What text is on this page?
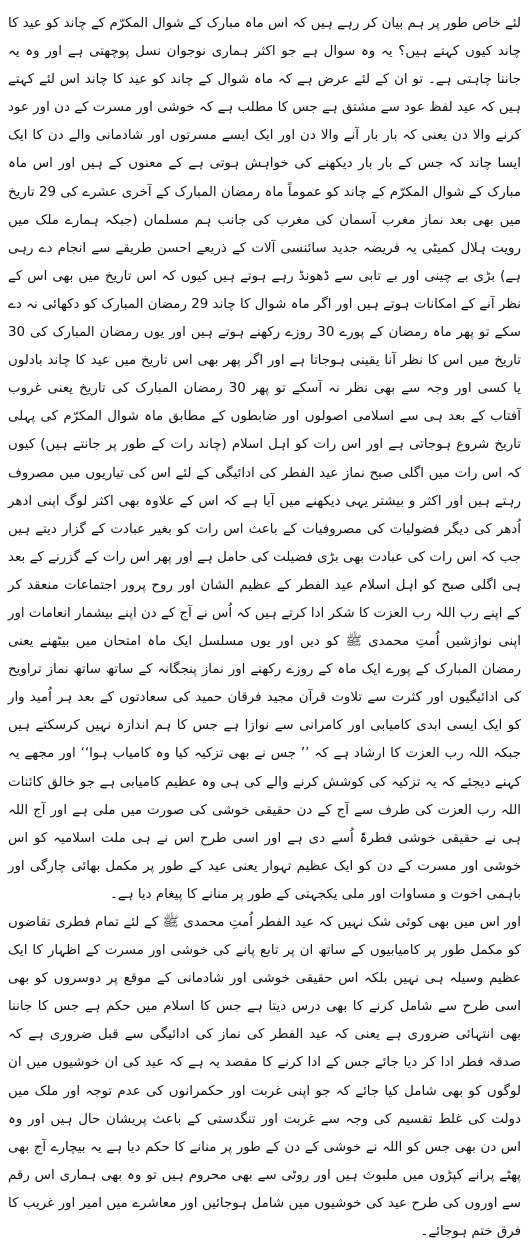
لئے خاص طور پر ہم بیان کر رہے ہیں کہ اس ماہ مبارک کے شوال المکرّم کے چاند کو عید کا چاند کیوں کہتے ہیں؟ یہ وہ سوال ہے جو اکثر ہماری نوجوان نسل پوچھتی ہے اور وہ یہ جاننا چاہتی ہے۔ تو ان کے لئے عرض ہے کہ ماہ شوال کے چاند کو عید کا چاند اس لئے کہتے ہیں کہ عید لفظ عود سے مشتق ہے جس کا مطلب ہے کہ خوشی اور مسرت کے دن اور عود کرنے والا دن یعنی کہ بار بار آنے والا دن اور ایک ایسے مسرتوں اور شادمانی والے دن کا ایک ایسا چاند کہ جس کے بار بار دیکھنے کی خواہش ہوتی ہے کے معنوں کے ہیں اور اس ماہ مبارک کے شوال المکرّم کے چاند کو عموماً ماہ رمضان المبارک کے آخری عشرے کی 29 تاریخ میں بھی بعد نماز مغرب آسمان کی مغرب کی جانب ہم مسلمان (جبکہ ہمارے ملک میں رویت ہلال کمیٹی یہ فریضہ جدید سائنسی آلات کے ذریعے احسن طریقے سے انجام دے رہی ہے) بڑی بے چینی اور بے تابی سے ڈھونڈ رہے ہوتے ہیں کیوں کہ اس تاریخ میں بھی اس کے نظر آنے کے امکانات ہوتے ہیں اور اگر ماہ شوال کا چاند 29 رمضان المبارک کو دکھائی نہ دے سکے تو پھر ماہ رمضان کے پورے 30 روزے رکھنے ہوتے ہیں اور یوں رمضان المبارک کی 30 تاریخ میں اس کا نظر آنا یقینی ہوجاتا ہے اور اگر پھر بھی اس تاریخ میں عید کا چاند بادلوں یا کسی اور وجہ سے بھی نظر نہ آسکے تو پھر 30 رمضان المبارک کی تاریخ یعنی غروب آفتاب کے بعد ہی سے اسلامی اصولوں اور ضابطوں کے مطابق ماہ شوال المکرّم کی پہلی تاریخ شروع ہوجاتی ہے اور اس رات کو اہل اسلام (چاند رات کے طور پر جانتے ہیں) کیوں کہ اس رات میں اگلی صبح نماز عید الفطر کی ادائیگی کے لئے اس کی تیاریوں میں مصروف رہتے ہیں اور اکثر و بیشتر یہی دیکھنے میں آیا ہے کہ اس کے علاوہ بھی اکثر لوگ اپنی ادھر اُدھر کی دیگر فضولیات کی مصروفیات کے باعث اس رات کو بغیر عبادت کے گزار دیتے ہیں جب کہ اس رات کی عبادت بھی بڑی فضیلت کی حامل ہے اور پھر اس رات کے گزرنے کے بعد ہی اگلی صبح کو اہل اسلام عید الفطر کے عظیم الشان اور روح پرور اجتماعات منعقد کر کے اپنے رب اللہ رب العزت کا شکر ادا کرتے ہیں کہ اُس نے آج کے دن اپنے بیشمار انعامات اور اپنی نوازشیں اُمتِ محمدی ﷺ کو دیں اور یوں مسلسل ایک ماہ امتحان میں بیٹھنے یعنی رمضان المبارک کے پورے ایک ماہ کے روزے رکھنے اور نماز پنجگانہ کے ساتھ ساتھ نماز تراویح کی ادائیگیوں اور کثرت سے تلاوت قرآن مجید فرقان حمید کی سعادتوں کے بعد ہر اُمید وار کو ایک ایسی ابدی کامیابی اور کامرانی سے نوازا ہے جس کا ہم اندازہ نہیں کرسکتے ہیں جبکہ اللہ رب العزت کا ارشاد ہے کہ ’’ جس نے بھی تزکیہ کیا وہ کامیاب ہوا‘‘ اور مجھے یہ کہنے دیجئے کہ یہ تزکیہ کی کوشش کرنے والے کی ہی وہ عظیم کامیابی ہے جو خالق کائنات اللہ رب العزت کی طرف سے آج کے دن حقیقی خوشی کی صورت میں ملی ہے اور آج اللہ ہی نے حقیقی خوشی فطرۃً اُسے دی ہے اور اسی طرح اس نے ہی ملت اسلامیہ کو اس خوشی اور مسرت کے دن کو ایک عظیم تہوار یعنی عید کے طور پر مکمل بھائی چارگی اور باہمی اخوت و مساوات اور ملی یکجہتی کے طور پر منانے کا پیغام دیا ہے۔

اور اس میں بھی کوئی شک نہیں کہ عید الفطر اُمتِ محمدی ﷺ کے لئے تمام فطری تقاضوں کو مکمل طور پر کامیابیوں کے ساتھ ان پر تابع پانے کی خوشی اور مسرت کے اظہار کا ایک عظیم وسیلہ ہی نہیں بلکہ اس حقیقی خوشی اور شادمانی کے موقع پر دوسروں کو بھی اسی طرح سے شامل کرنے کا بھی درس دیتا ہے جس کا اسلام میں حکم ہے جس کا جاننا بھی انتہائی ضروری ہے یعنی کہ عید الفطر کی نماز کی ادائیگی سے قبل ضروری ہے کہ صدقہ فطر ادا کر دیا جائے جس کے ادا کرنے کا مقصد یہ ہے کہ عید کی ان خوشیوں میں ان لوگوں کو بھی شامل کیا جائے کہ جو اپنی غربت اور حکمرانوں کی عدم توجہ اور ملک میں دولت کی غلط تقسیم کی وجہ سے غربت اور تنگدستی کے باعث پریشان حال ہیں اور وہ اس دن بھی جس کو اللہ نے خوشی کے دن کے طور پر منانے کا حکم دیا ہے یہ بیچارے آج بھی پھٹے پرانے کپڑوں میں ملبوث ہیں اور روٹی سے بھی محروم ہیں تو وہ بھی ہماری اس رقم سے اوروں کی طرح عید کی خوشیوں میں شامل ہوجائیں اور معاشرے میں امیر اور غریب کا فرق ختم ہوجائے۔
